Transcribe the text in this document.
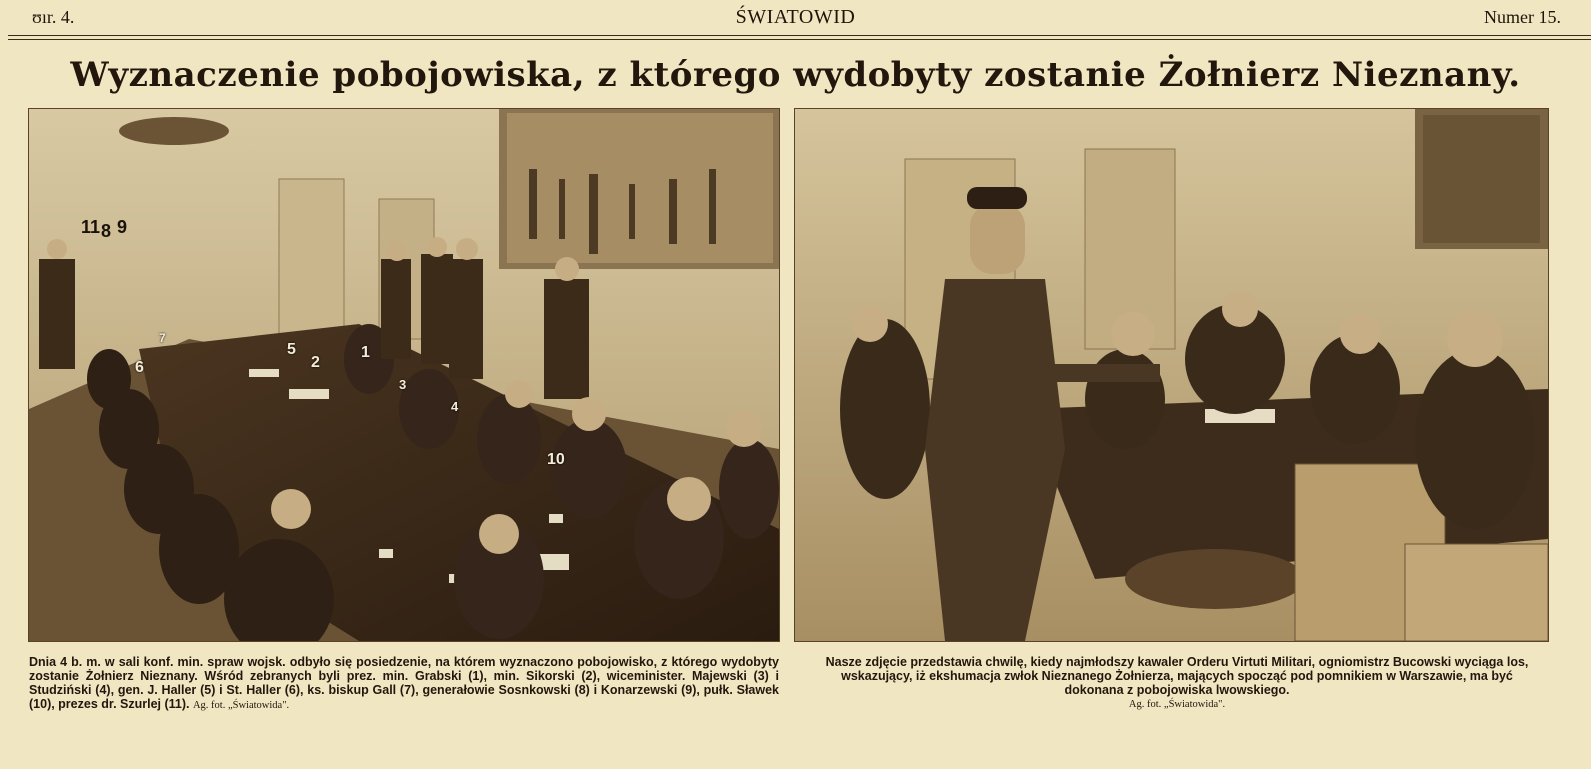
ʊır. 4.	ŚWIATOWID	Numer 15.
Wyznaczenie pobojowiska, z którego wydobyty zostanie Żołnierz Nieznany.
11 8 9
7
6
5
2
1
3
4
10
Dnia 4 b. m. w sali konf. min. spraw wojsk. odbyło się posiedzenie, na którem wyznaczono pobojowisko, z którego wydobyty zostanie Żołnierz Nieznany. Wśród zebranych byli prez. min. Grabski (1), min. Sikorski (2), wiceminister. Majewski (3) i Studziński (4), gen. J. Haller (5) i St. Haller (6), ks. biskup Gall (7), generałowie Sosnkowski (8) i Konarzewski (9), pułk. Sławek (10), prezes dr. Szurlej (11). Ag. fot. „Światowida".
Nasze zdjęcie przedstawia chwilę, kiedy najmłodszy kawaler Orderu Virtuti Militari, ogniomistrz Bucowski wyciąga los, wskazujący, iż ekshumacja zwłok Nieznanego Żołnierza, mających spocząć pod pomnikiem w Warszawie, ma być dokonana z pobojowiska lwowskiego.
Ag. fot. „Światowida".
